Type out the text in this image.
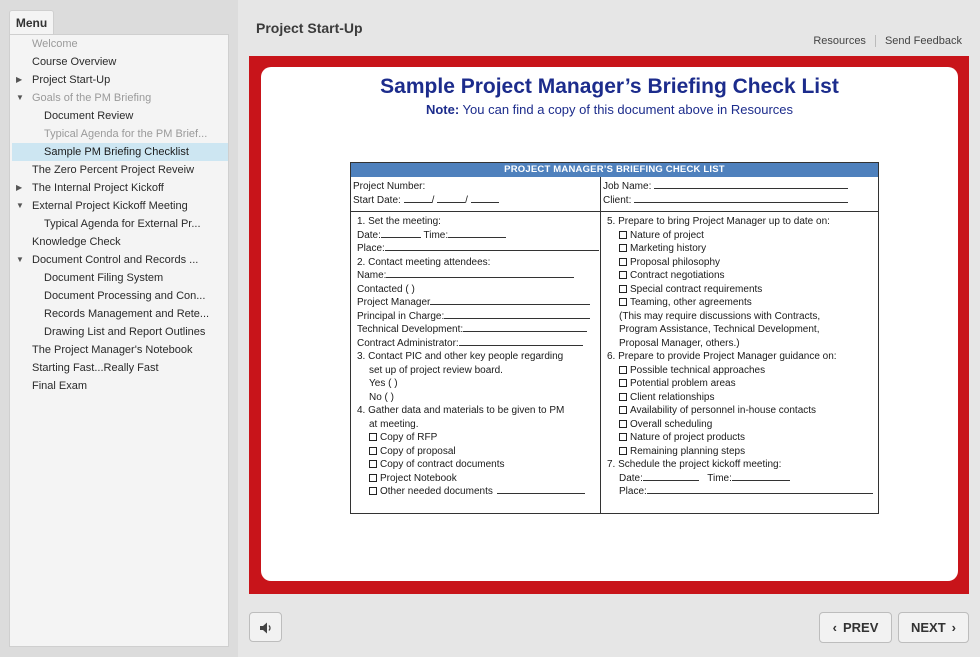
Menu
Welcome
Course Overview
▶ Project Start-Up
▼ Goals of the PM Briefing
Document Review
Typical Agenda for the PM Brief...
Sample PM Briefing Checklist
The Zero Percent Project Reveiw
▶ The Internal Project Kickoff
▼ External Project Kickoff Meeting
Typical Agenda for External Pr...
Knowledge Check
▼ Document Control and Records ...
Document Filing System
Document Processing and Con...
Records Management and Rete...
Drawing List and Report Outlines
The Project Manager's Notebook
Starting Fast...Really Fast
Final Exam
Project Start-Up
Resources Send Feedback
Sample Project Manager’s Briefing Check List
Note: You can find a copy of this document above in Resources
PROJECT MANAGER’S BRIEFING CHECK LIST
Project Number:
Start Date:	/	/
Job Name:
Client:
1. Set the meeting:
Date:	Time:
Place:
2. Contact meeting attendees:
Name:
Contacted ( )
Project Manager
Principal in Charge:
Technical Development:
Contract Administrator:
3. Contact PIC and other key people regarding
set up of project review board.
Yes ( )
No ( )
4. Gather data and materials to be given to PM
at meeting.
Copy of RFP
Copy of proposal
Copy of contract documents
Project Notebook
Other needed documents
5. Prepare to bring Project Manager up to date on:
Nature of project
Marketing history
Proposal philosophy
Contract negotiations
Special contract requirements
Teaming, other agreements
(This may require discussions with Contracts,
Program Assistance, Technical Development,
Proposal Manager, others.)
6. Prepare to provide Project Manager guidance on:
Possible technical approaches
Potential problem areas
Client relationships
Availability of personnel in-house contacts
Overall scheduling
Nature of project products
Remaining planning steps
7. Schedule the project kickoff meeting:
Date:	Time:
Place:
‹ PREV	NEXT ›
